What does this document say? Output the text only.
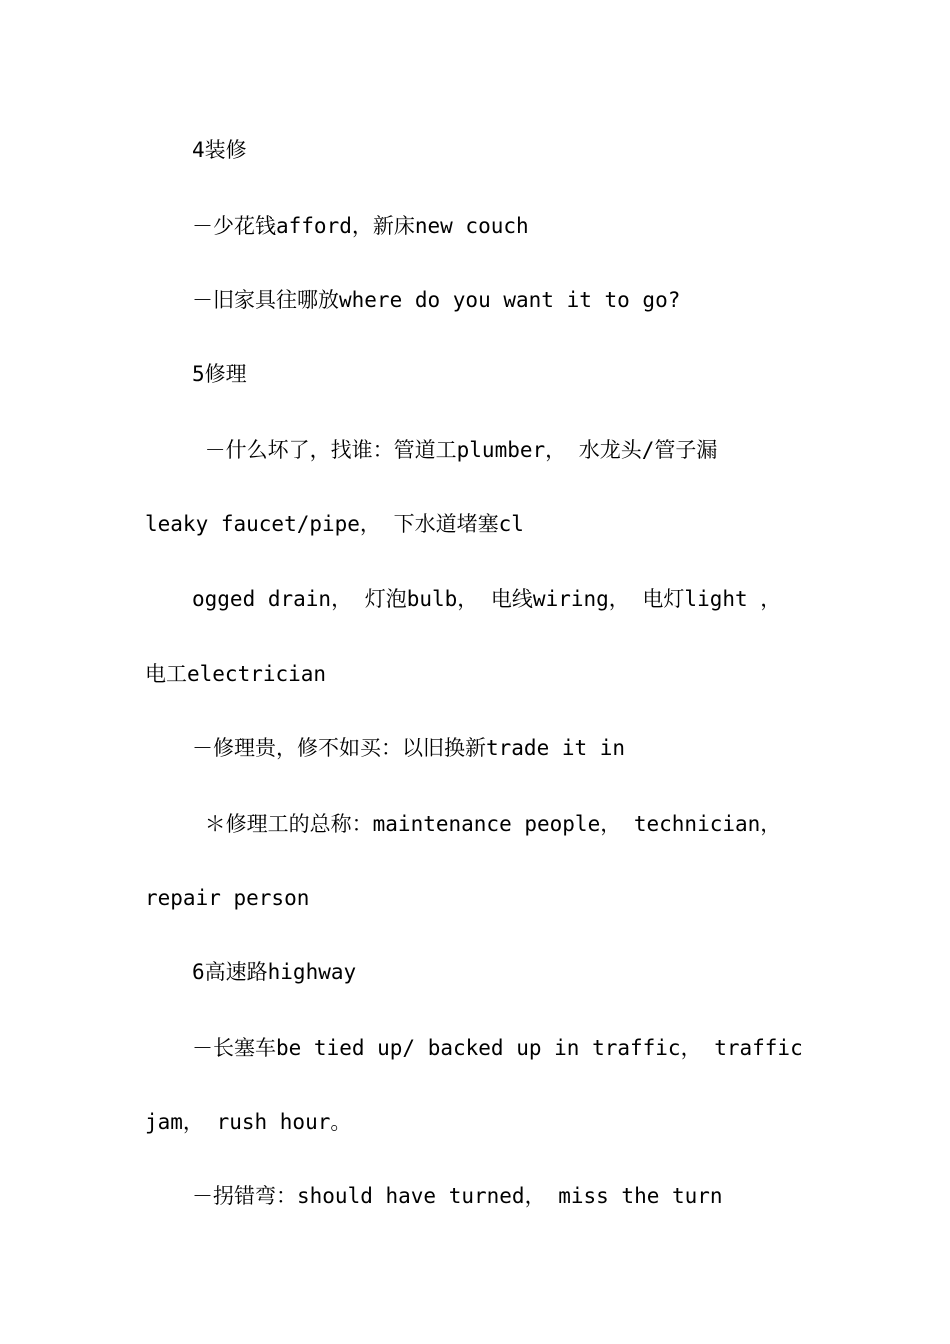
4装修
－少花钱afford，新床new couch
－旧家具往哪放where do you want it to go?
5修理
－什么坏了，找谁：管道工plumber， 水龙头/管子漏
leaky faucet/pipe， 下水道堵塞cl
ogged drain， 灯泡bulb， 电线wiring， 电灯light ，
电工electrician
－修理贵，修不如买：以旧换新trade it in
＊修理工的总称：maintenance people， technician，
repair person
6高速路highway
－长塞车be tied up/ backed up in traffic， traffic
jam， rush hour。
－拐错弯：should have turned， miss the turn
